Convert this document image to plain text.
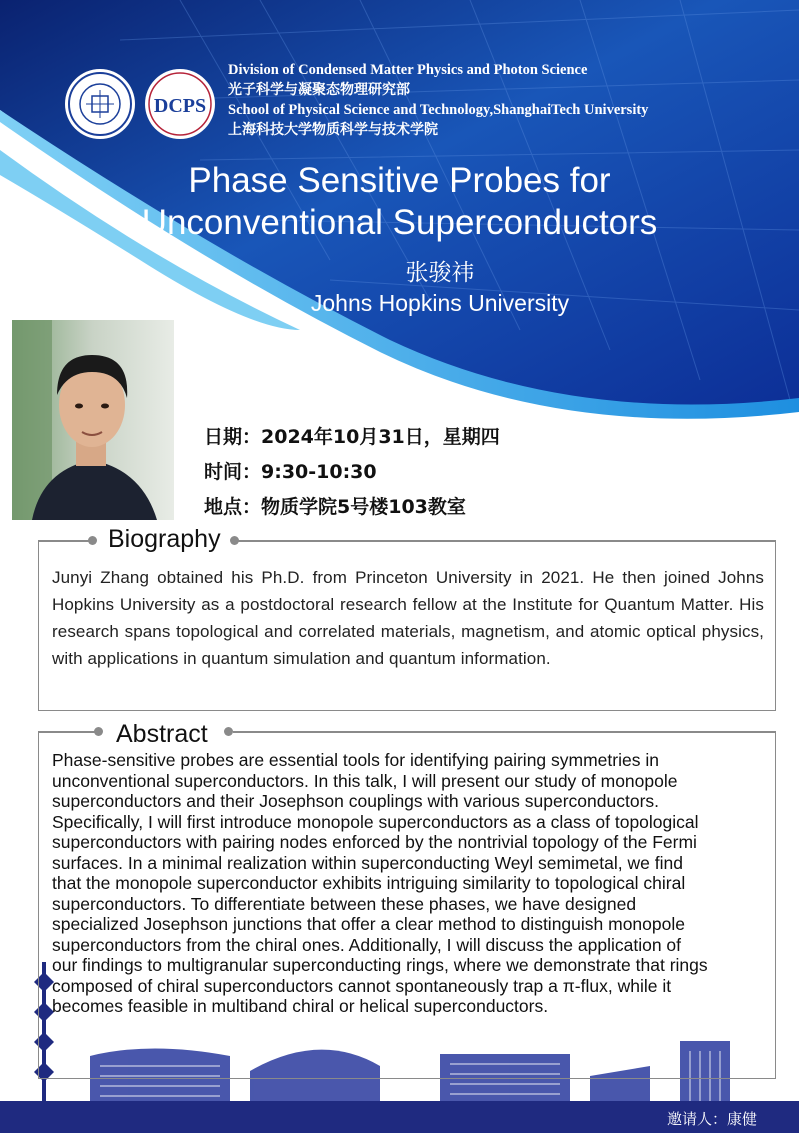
DCPS
Division of Condensed Matter Physics and Photon Science
光子科学与凝聚态物理研究部
School of Physical Science and Technology,ShanghaiTech University
上海科技大学物质科学与技术学院
Phase Sensitive Probes for
Unconventional Superconductors
张骏祎
Johns Hopkins University
日期：2024年10月31日，星期四
时间：9:30-10:30
地点：物质学院5号楼103教室
Biography
Junyi Zhang obtained his Ph.D. from Princeton University in 2021. He then joined Johns Hopkins University as a postdoctoral research fellow at the Institute for Quantum Matter. His research spans topological and correlated materials, magnetism, and atomic optical physics, with applications in quantum simulation and quantum information.
Abstract
Phase-sensitive probes are essential tools for identifying pairing symmetries in
unconventional superconductors. In this talk, I will present our study of monopole
superconductors and their Josephson couplings with various superconductors.
Specifically, I will first introduce monopole superconductors as a class of topological
superconductors with pairing nodes enforced by the nontrivial topology of the Fermi
surfaces. In a minimal realization within superconducting Weyl semimetal, we find
that the monopole superconductor exhibits intriguing similarity to topological chiral
superconductors. To differentiate between these phases, we have designed
specialized Josephson junctions that offer a clear method to distinguish monopole
superconductors from the chiral ones. Additionally, I will discuss the application of
our findings to multigranular superconducting rings, where we demonstrate that rings
composed of chiral superconductors cannot spontaneously trap a π-flux, while it
becomes feasible in multiband chiral or helical superconductors.
邀请人：康健
